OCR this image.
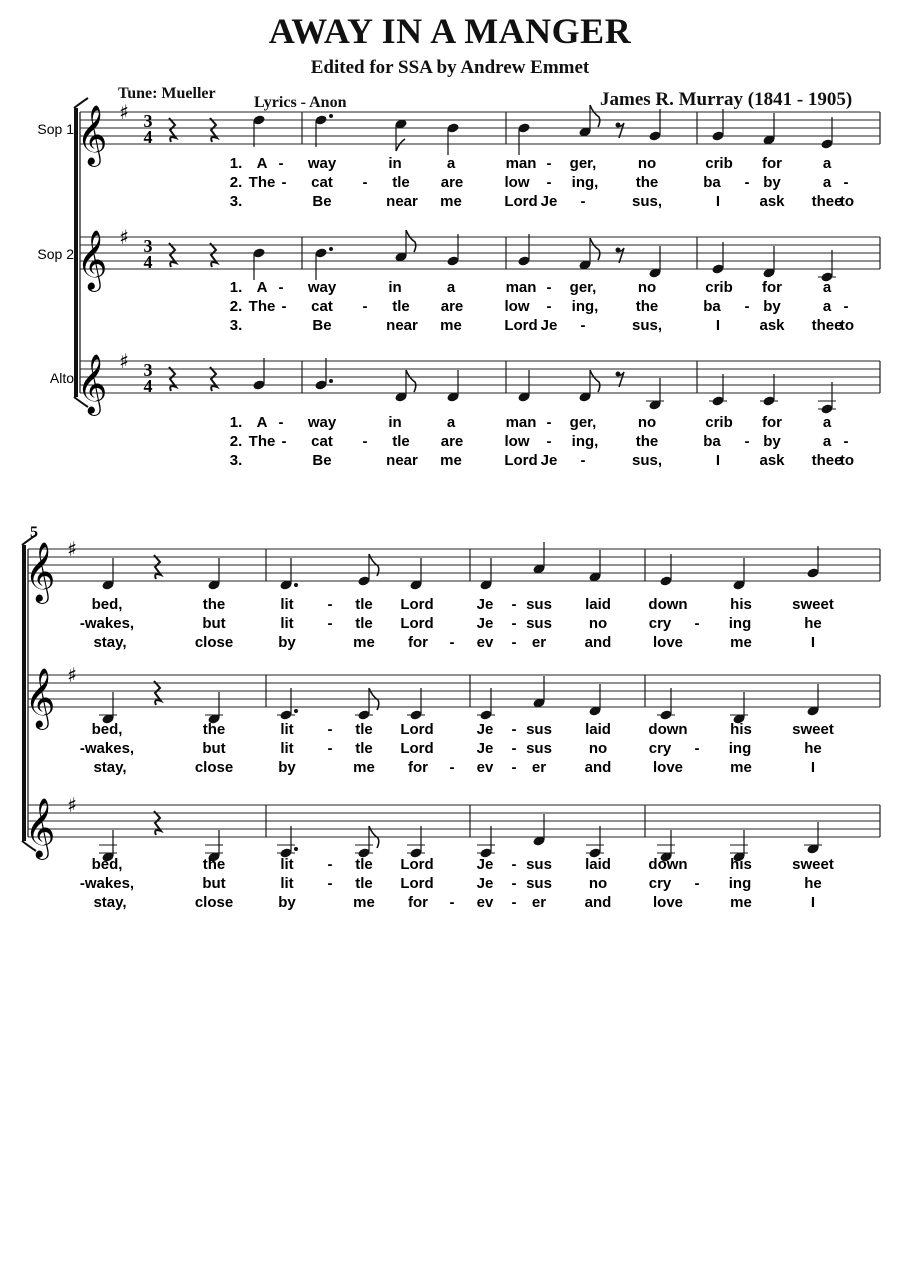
AWAY IN A MANGER
Edited for SSA by Andrew Emmet
Tune: Mueller
Lyrics - Anon	James R. Murray (1841 - 1905)
𝄞 ♯ 3
4
Sop 1
1. A - way	in	a	man - ger,	no	crib for	a
2. The - cat - tle are	low - ing, the	ba - by	a -
3.	Be	near me	Lord Je -	sus,	I	ask thee
to
𝄞 ♯ 3
4
Sop 2
1. A - way	in	a	man - ger,	no	crib for	a
2. The - cat - tle are	low - ing, the	ba - by	a -
3.	Be	near me	Lord Je -	sus,	I	ask thee
to
𝄞 ♯ 3
4
Alto
1. A - way	in	a	man - ger,	no	crib for	a
2. The - cat - tle are	low - ing, the	ba - by	a -
3.	Be	near me	Lord Je -	sus,	I	ask thee
to
5
𝄞 ♯
bed,	the	lit - tle Lord	Je - sus laid	down	his	sweet
-wakes,	but	lit - tle Lord	Je - sus no	cry - ing	he
stay,	close	by	me for - ev - er	and	love	me	I
𝄞 ♯
bed,	the	lit - tle Lord	Je - sus laid	down	his	sweet
-wakes,	but	lit - tle Lord	Je - sus no	cry - ing	he
stay,	close	by	me for - ev - er	and	love	me	I
𝄞 ♯
bed,	the	lit - tle Lord	Je - sus laid	down	his	sweet
-wakes,	but	lit - tle Lord	Je - sus no	cry - ing	he
stay,	close	by	me for - ev - er	and	love	me	I
